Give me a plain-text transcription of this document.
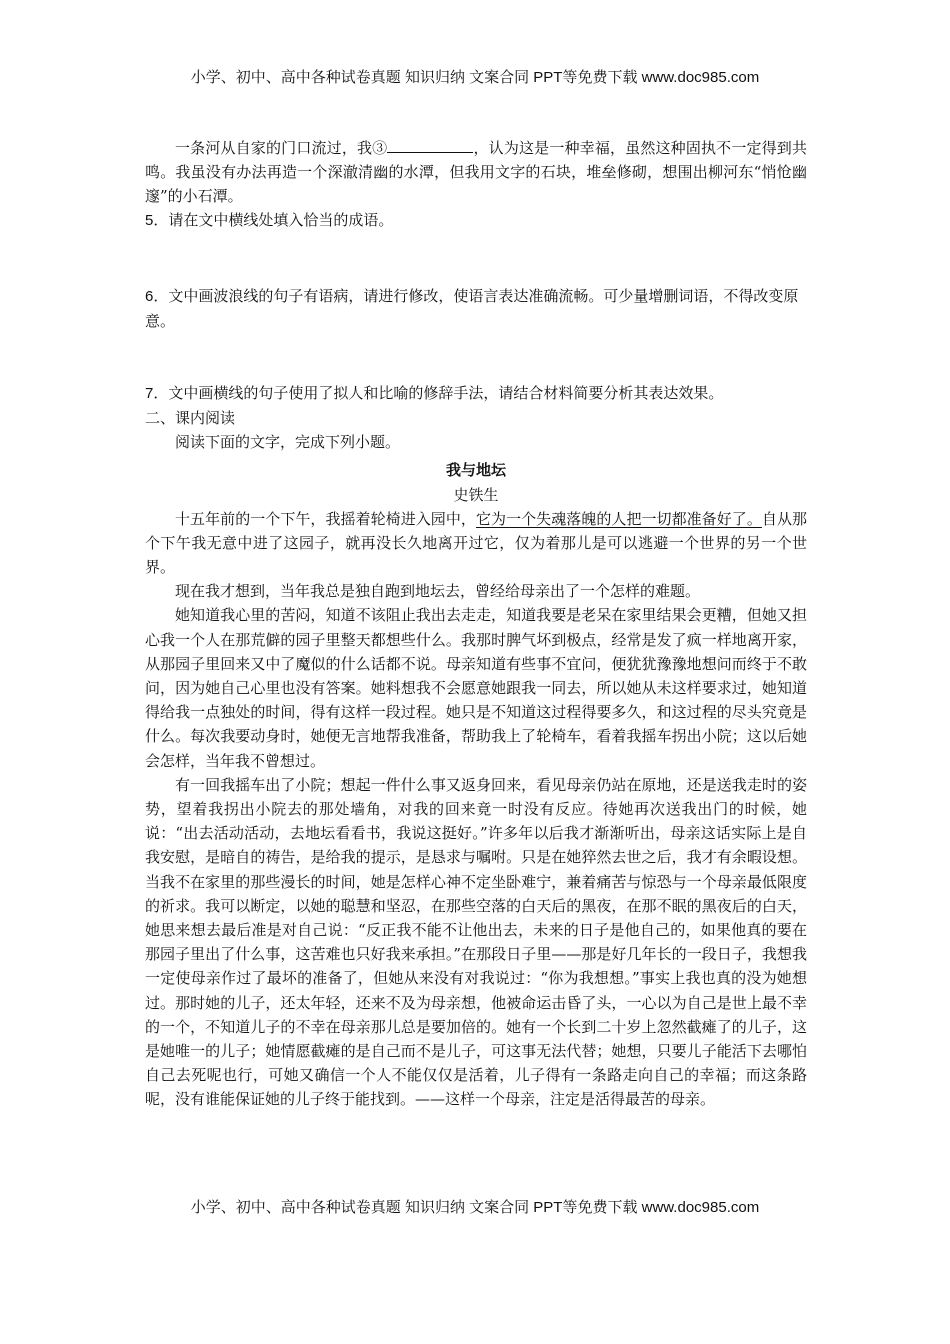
小学、初中、高中各种试卷真题 知识归纳 文案合同 PPT等免费下载 www.doc985.com

一条河从自家的门口流过，我③	，认为这是一种幸福，虽然这种固执不一定得到共鸣。我虽没有办法再造一个深澈清幽的水潭，但我用文字的石块，堆垒修砌，想围出柳河东“悄怆幽邃”的小石潭。

5．请在文中横线处填入恰当的成语。

6．文中画波浪线的句子有语病，请进行修改，使语言表达准确流畅。可少量增删词语，不得改变原意。

7．文中画横线的句子使用了拟人和比喻的修辞手法，请结合材料简要分析其表达效果。

二、课内阅读

阅读下面的文字，完成下列小题。

我与地坛
史铁生

十五年前的一个下午，我摇着轮椅进入园中，它为一个失魂落魄的人把一切都准备好了。自从那个下午我无意中进了这园子，就再没长久地离开过它，仅为着那儿是可以逃避一个世界的另一个世界。

现在我才想到，当年我总是独自跑到地坛去，曾经给母亲出了一个怎样的难题。

她知道我心里的苦闷，知道不该阻止我出去走走，知道我要是老呆在家里结果会更糟，但她又担心我一个人在那荒僻的园子里整天都想些什么。我那时脾气坏到极点，经常是发了疯一样地离开家，从那园子里回来又中了魔似的什么话都不说。母亲知道有些事不宜问，便犹犹豫豫地想问而终于不敢问，因为她自己心里也没有答案。她料想我不会愿意她跟我一同去，所以她从未这样要求过，她知道得给我一点独处的时间，得有这样一段过程。她只是不知道这过程得要多久，和这过程的尽头究竟是什么。每次我要动身时，她便无言地帮我准备，帮助我上了轮椅车，看着我摇车拐出小院；这以后她会怎样，当年我不曾想过。

有一回我摇车出了小院；想起一件什么事又返身回来，看见母亲仍站在原地，还是送我走时的姿势，望着我拐出小院去的那处墙角，对我的回来竟一时没有反应。待她再次送我出门的时候，她说：“出去活动活动，去地坛看看书，我说这挺好。”许多年以后我才渐渐听出，母亲这话实际上是自我安慰，是暗自的祷告，是给我的提示，是恳求与嘱咐。只是在她猝然去世之后，我才有余暇设想。当我不在家里的那些漫长的时间，她是怎样心神不定坐卧难宁，兼着痛苦与惊恐与一个母亲最低限度的祈求。我可以断定，以她的聪慧和坚忍，在那些空落的白天后的黑夜，在那不眠的黑夜后的白天，她思来想去最后准是对自己说：“反正我不能不让他出去，未来的日子是他自己的，如果他真的要在那园子里出了什么事，这苦难也只好我来承担。”在那段日子里——那是好几年长的一段日子，我想我一定使母亲作过了最坏的准备了，但她从来没有对我说过：“你为我想想。”事实上我也真的没为她想过。那时她的儿子，还太年轻，还来不及为母亲想，他被命运击昏了头，一心以为自己是世上最不幸的一个，不知道儿子的不幸在母亲那儿总是要加倍的。她有一个长到二十岁上忽然截瘫了的儿子，这是她唯一的儿子；她情愿截瘫的是自己而不是儿子，可这事无法代替；她想，只要儿子能活下去哪怕自己去死呢也行，可她又确信一个人不能仅仅是活着，儿子得有一条路走向自己的幸福；而这条路呢，没有谁能保证她的儿子终于能找到。——这样一个母亲，注定是活得最苦的母亲。

小学、初中、高中各种试卷真题 知识归纳 文案合同 PPT等免费下载 www.doc985.com
